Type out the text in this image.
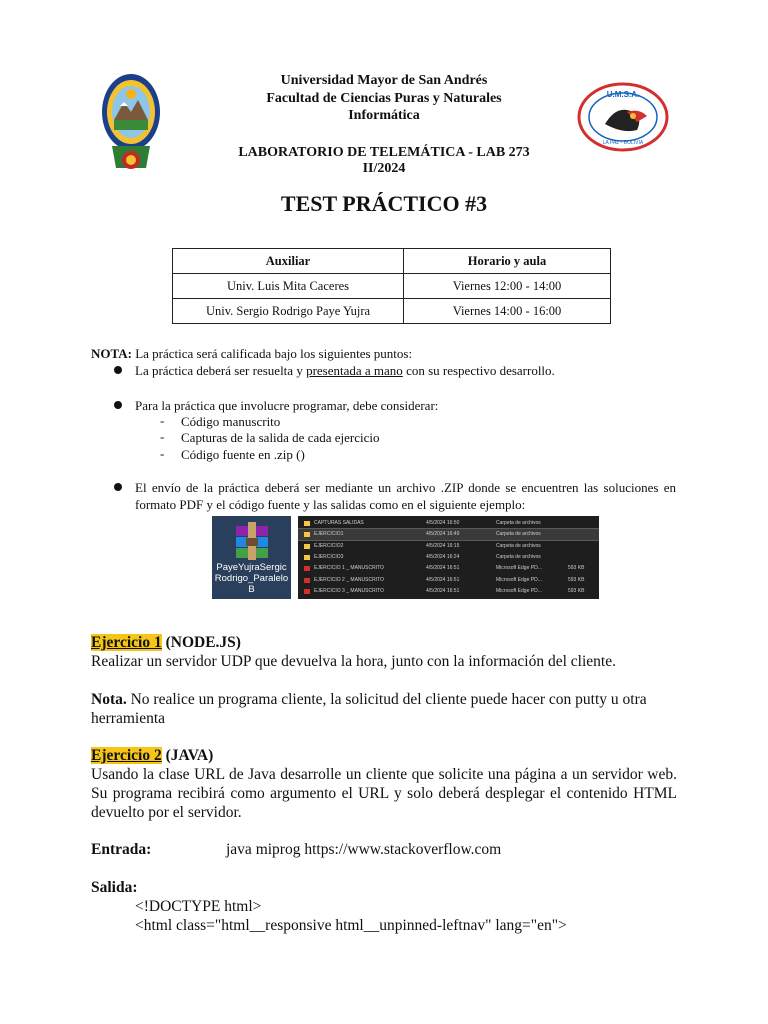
U.M.S.A.
LA PAZ - BOLIVIA
Universidad Mayor de San Andrés
Facultad de Ciencias Puras y Naturales
Informática
LABORATORIO DE TELEMÁTICA - LAB 273
II/2024
TEST PRÁCTICO #3
Auxiliar	Horario y aula
Univ. Luis Mita Caceres	Viernes 12:00 - 14:00
Univ. Sergio Rodrigo Paye Yujra	Viernes 14:00 - 16:00
NOTA: La práctica será calificada bajo los siguientes puntos:
La práctica deberá ser resuelta y presentada a mano con su respectivo desarrollo.
Para la práctica que involucre programar, debe considerar:
- Código manuscrito
- Capturas de la salida de cada ejercicio
- Código fuente en .zip ()
El envío de la práctica deberá ser mediante un archivo .ZIP donde se encuentren las soluciones en formato PDF y el código fuente y las salidas como en el siguiente ejemplo:
PayeYujraSergicRodrigo_ParaleloB
CAPTURAS SALIDAS	4/5/2024 16:50	Carpeta de archivos
EJERCICIO1	4/5/2024 16:49	Carpeta de archivos
EJERCICIO2	4/5/2024 16:15	Carpeta de archivos
EJERCICIO3	4/5/2024 16:24	Carpeta de archivos
EJERCICIO 1 _ MANUSCRITO	4/5/2024 16:51	Microsoft Edge PD...	593 KB
EJERCICIO 2 _ MANUSCRITO	4/5/2024 16:51	Microsoft Edge PD...	593 KB
EJERCICIO 3 _ MANUSCRITO	4/5/2024 16:51	Microsoft Edge PD...	593 KB
Ejercicio 1 (NODE.JS)
Realizar un servidor UDP que devuelva la hora, junto con la información del cliente.
Nota. No realice un programa cliente, la solicitud del cliente puede hacer con putty u otra herramienta
Ejercicio 2 (JAVA)
Usando la clase URL de Java desarrolle un cliente que solicite una página a un servidor web. Su programa recibirá como argumento el URL y solo deberá desplegar el contenido HTML devuelto por el servidor.
Entrada:	java miprog https://www.stackoverflow.com
Salida:
<!DOCTYPE html>
<html class="html__responsive html__unpinned-leftnav" lang="en">
